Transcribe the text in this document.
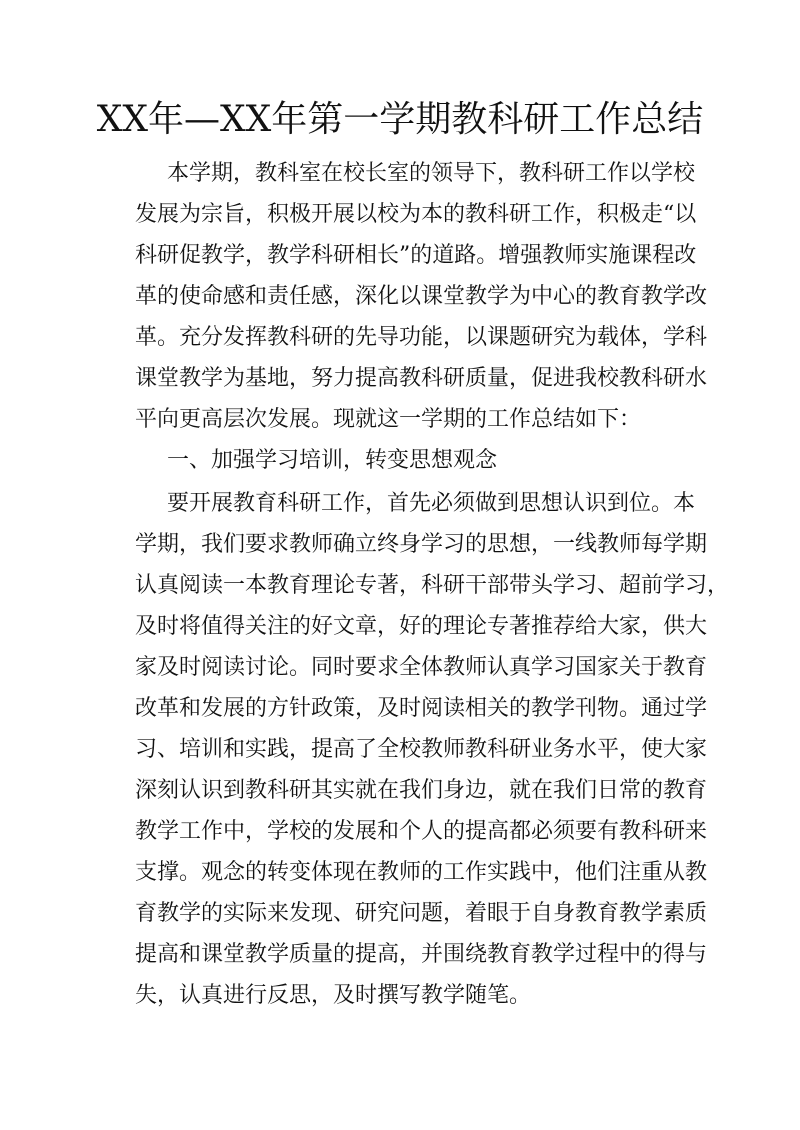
XX年—XX年第一学期教科研工作总结
本学期，教科室在校长室的领导下，教科研工作以学校
发展为宗旨，积极开展以校为本的教科研工作，积极走“以
科研促教学，教学科研相长”的道路。增强教师实施课程改
革的使命感和责任感，深化以课堂教学为中心的教育教学改
革。充分发挥教科研的先导功能，以课题研究为载体，学科
课堂教学为基地，努力提高教科研质量，促进我校教科研水
平向更高层次发展。现就这一学期的工作总结如下：
一、加强学习培训，转变思想观念
要开展教育科研工作，首先必须做到思想认识到位。本
学期，我们要求教师确立终身学习的思想，一线教师每学期
认真阅读一本教育理论专著，科研干部带头学习、超前学习，
及时将值得关注的好文章，好的理论专著推荐给大家，供大
家及时阅读讨论。同时要求全体教师认真学习国家关于教育
改革和发展的方针政策，及时阅读相关的教学刊物。通过学
习、培训和实践，提高了全校教师教科研业务水平，使大家
深刻认识到教科研其实就在我们身边，就在我们日常的教育
教学工作中，学校的发展和个人的提高都必须要有教科研来
支撑。观念的转变体现在教师的工作实践中，他们注重从教
育教学的实际来发现、研究问题，着眼于自身教育教学素质
提高和课堂教学质量的提高，并围绕教育教学过程中的得与
失，认真进行反思，及时撰写教学随笔。
